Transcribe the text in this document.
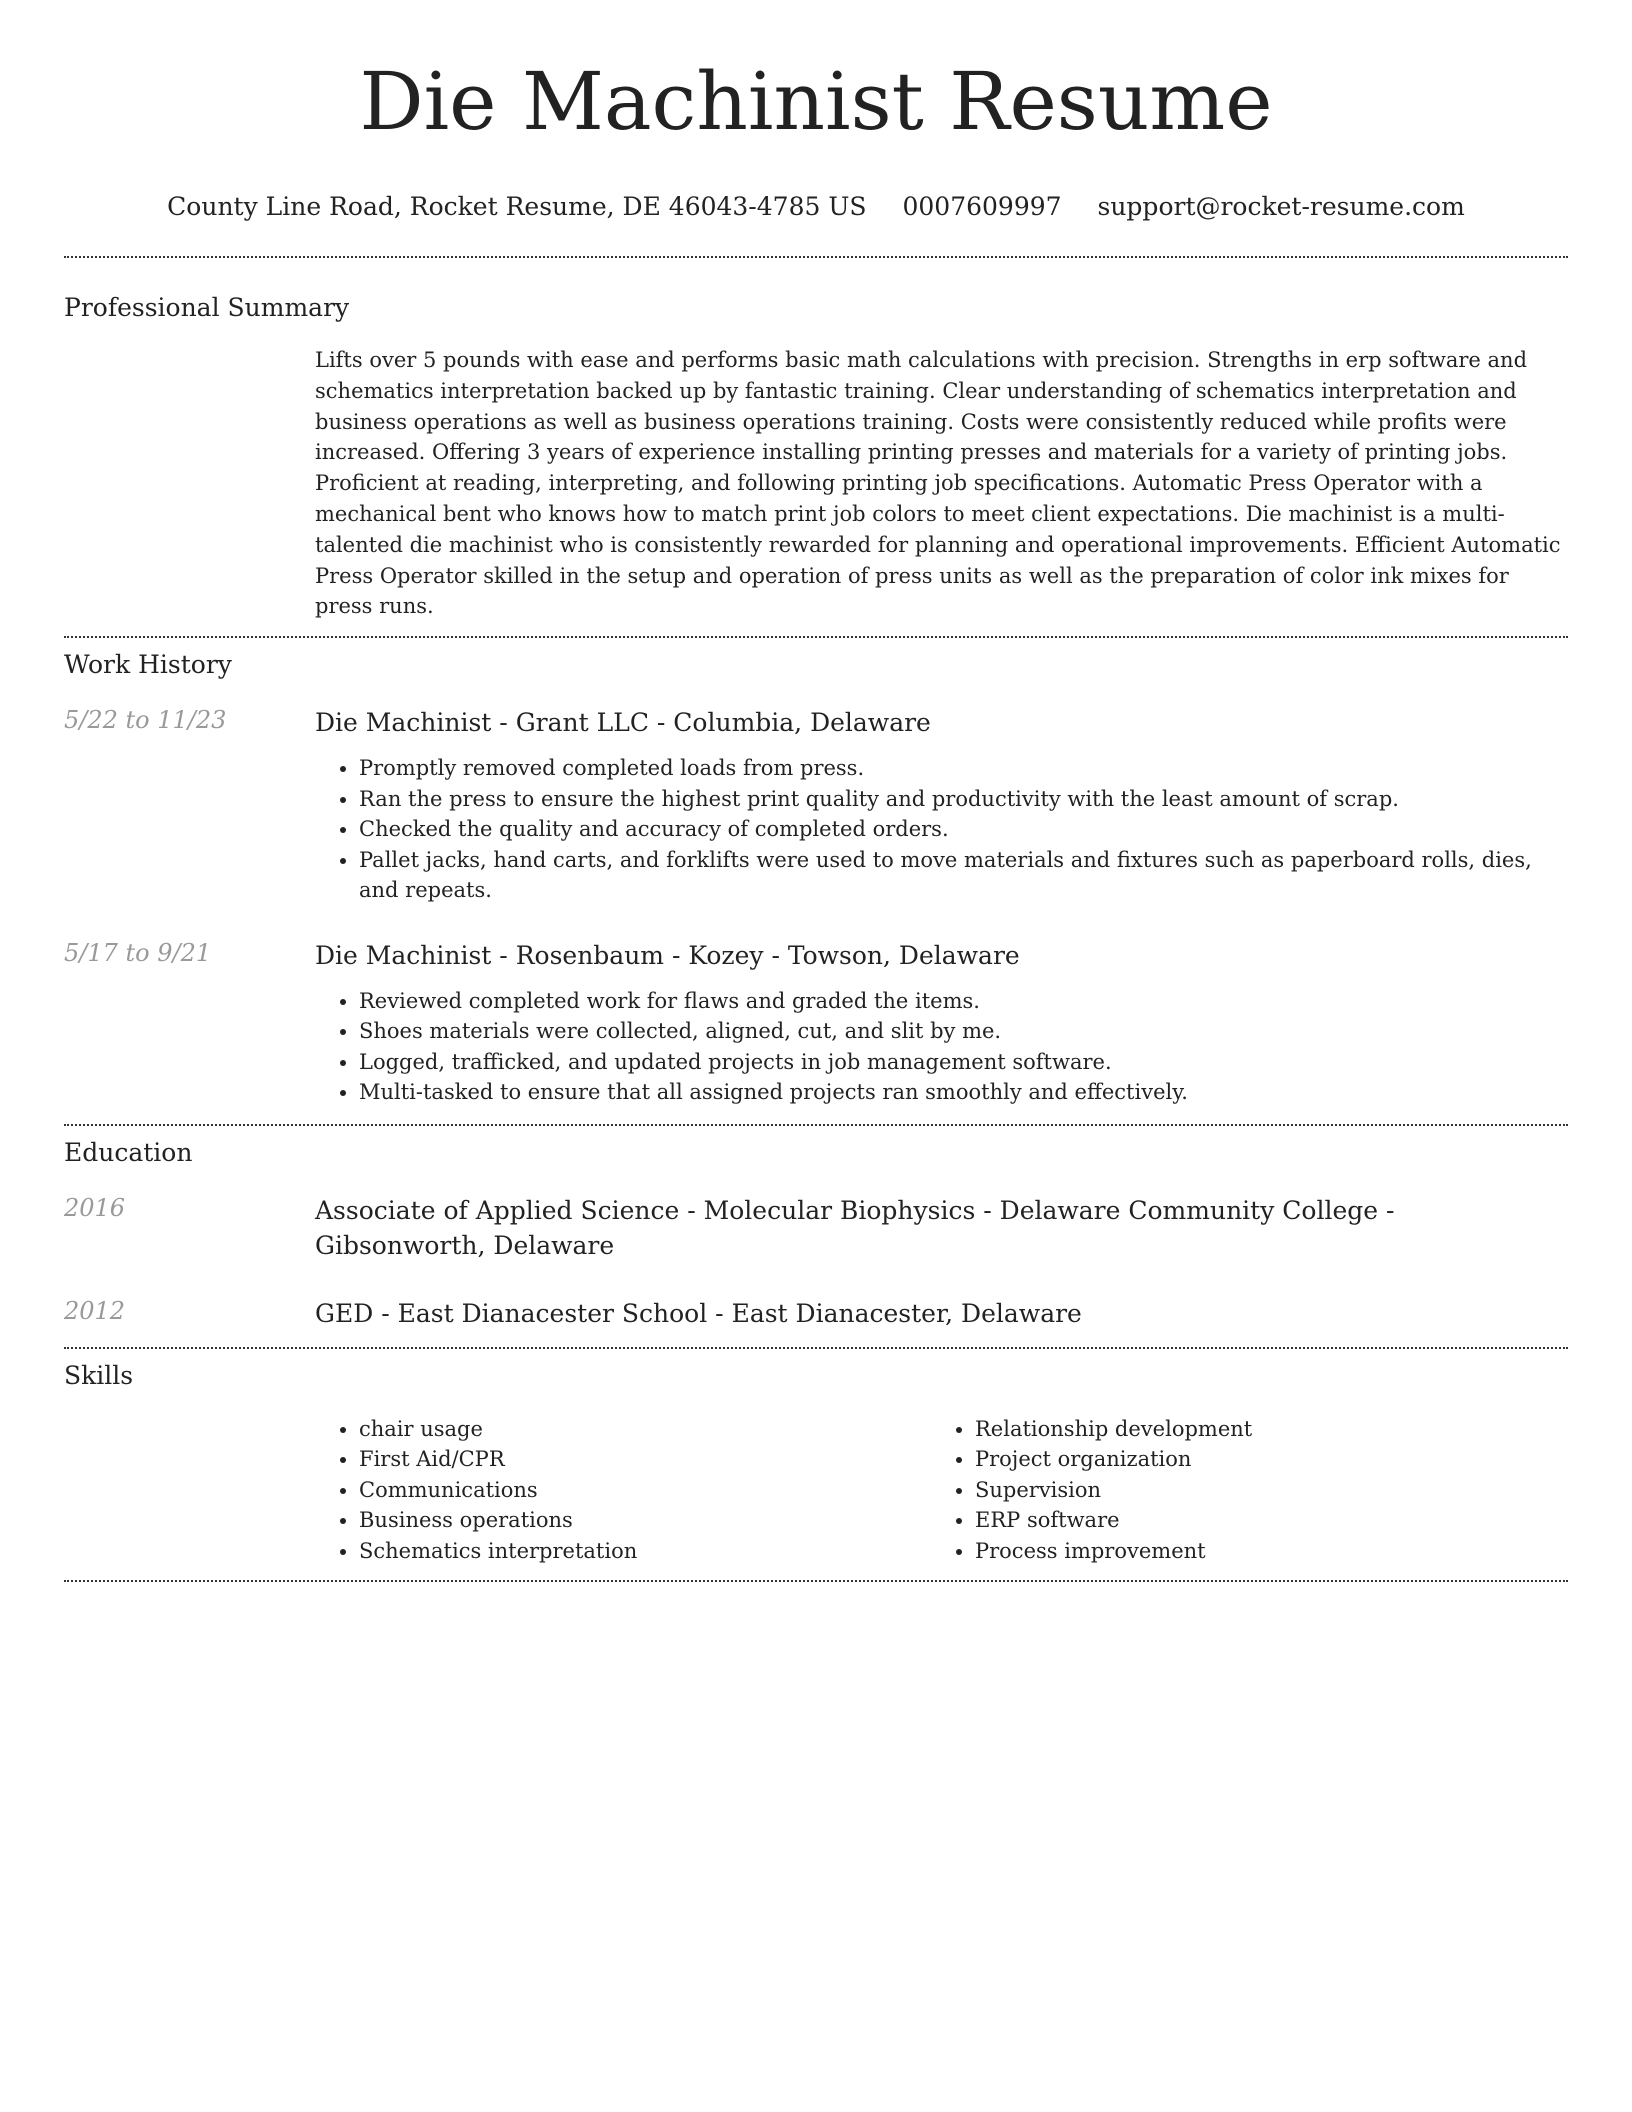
Die Machinist Resume
County Line Road, Rocket Resume, DE 46043-4785 US 0007609997 support@rocket-resume.com
Professional Summary
Lifts over 5 pounds with ease and performs basic math calculations with precision. Strengths in erp software and schematics interpretation backed up by fantastic training. Clear understanding of schematics interpretation and business operations as well as business operations training. Costs were consistently reduced while profits were increased. Offering 3 years of experience installing printing presses and materials for a variety of printing jobs. Proficient at reading, interpreting, and following printing job specifications. Automatic Press Operator with a mechanical bent who knows how to match print job colors to meet client expectations. Die machinist is a multi-talented die machinist who is consistently rewarded for planning and operational improvements. Efficient Automatic Press Operator skilled in the setup and operation of press units as well as the preparation of color ink mixes for press runs.
Work History
5/22 to 11/23	Die Machinist - Grant LLC - Columbia, Delaware
• Promptly removed completed loads from press.
• Ran the press to ensure the highest print quality and productivity with the least amount of scrap.
• Checked the quality and accuracy of completed orders.
• Pallet jacks, hand carts, and forklifts were used to move materials and fixtures such as paperboard rolls, dies, and repeats.
5/17 to 9/21	Die Machinist - Rosenbaum - Kozey - Towson, Delaware
• Reviewed completed work for flaws and graded the items.
• Shoes materials were collected, aligned, cut, and slit by me.
• Logged, trafficked, and updated projects in job management software.
• Multi-tasked to ensure that all assigned projects ran smoothly and effectively.
Education
2016	Associate of Applied Science - Molecular Biophysics - Delaware Community College - Gibsonworth, Delaware
2012	GED - East Dianacester School - East Dianacester, Delaware
Skills
• chair usage
• First Aid/CPR
• Communications
• Business operations
• Schematics interpretation
• Relationship development
• Project organization
• Supervision
• ERP software
• Process improvement
